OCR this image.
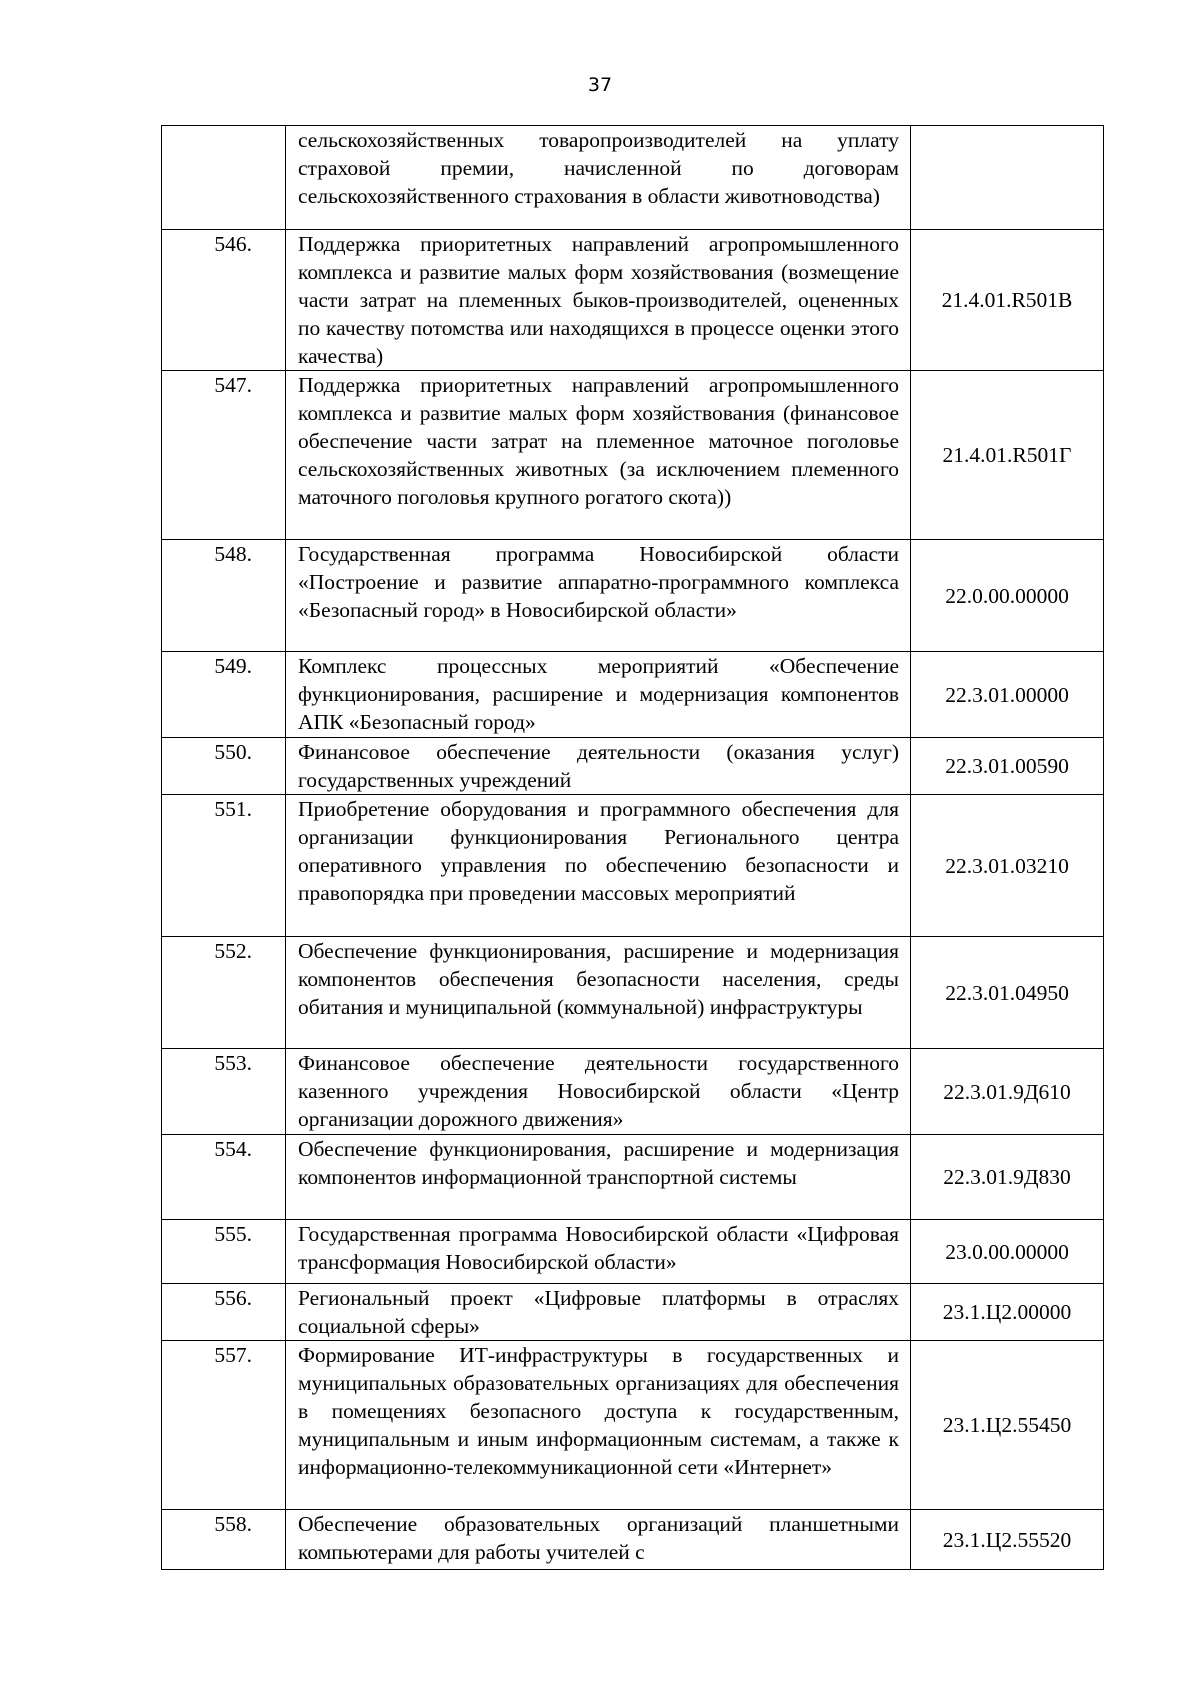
37
	сельскохозяйственных товаропроизводителей на уплату страховой премии, начисленной по договорам сельскохозяйственного страхования в области животноводства)	
546.	Поддержка приоритетных направлений агропромышленного комплекса и развитие малых форм хозяйствования (возмещение части затрат на племенных быков-производителей, оцененных по качеству потомства или находящихся в процессе оценки этого качества)	21.4.01.R501В
547.	Поддержка приоритетных направлений агропромышленного комплекса и развитие малых форм хозяйствования (финансовое обеспечение части затрат на племенное маточное поголовье сельскохозяйственных животных (за исключением племенного маточного поголовья крупного рогатого скота))	21.4.01.R501Г
548.	Государственная программа Новосибирской области «Построение и развитие аппаратно-программного комплекса «Безопасный город» в Новосибирской области»	22.0.00.00000
549.	Комплекс процессных мероприятий «Обеспечение функционирования, расширение и модернизация компонентов АПК «Безопасный город»	22.3.01.00000
550.	Финансовое обеспечение деятельности (оказания услуг) государственных учреждений	22.3.01.00590
551.	Приобретение оборудования и программного обеспечения для организации функционирования Регионального центра оперативного управления по обеспечению безопасности и правопорядка при проведении массовых мероприятий	22.3.01.03210
552.	Обеспечение функционирования, расширение и модернизация компонентов обеспечения безопасности населения, среды обитания и муниципальной (коммунальной) инфраструктуры	22.3.01.04950
553.	Финансовое обеспечение деятельности государственного казенного учреждения Новосибирской области «Центр организации дорожного движения»	22.3.01.9Д610
554.	Обеспечение функционирования, расширение и модернизация компонентов информационной транспортной системы	22.3.01.9Д830
555.	Государственная программа Новосибирской области «Цифровая трансформация Новосибирской области»	23.0.00.00000
556.	Региональный проект «Цифровые платформы в отраслях социальной сферы»	23.1.Ц2.00000
557.	Формирование ИТ-инфраструктуры в государственных и муниципальных образовательных организациях для обеспечения в помещениях безопасного доступа к государственным, муниципальным и иным информационным системам, а также к информационно-телекоммуникационной сети «Интернет»	23.1.Ц2.55450
558.	Обеспечение образовательных организаций планшетными компьютерами для работы учителей с	23.1.Ц2.55520
